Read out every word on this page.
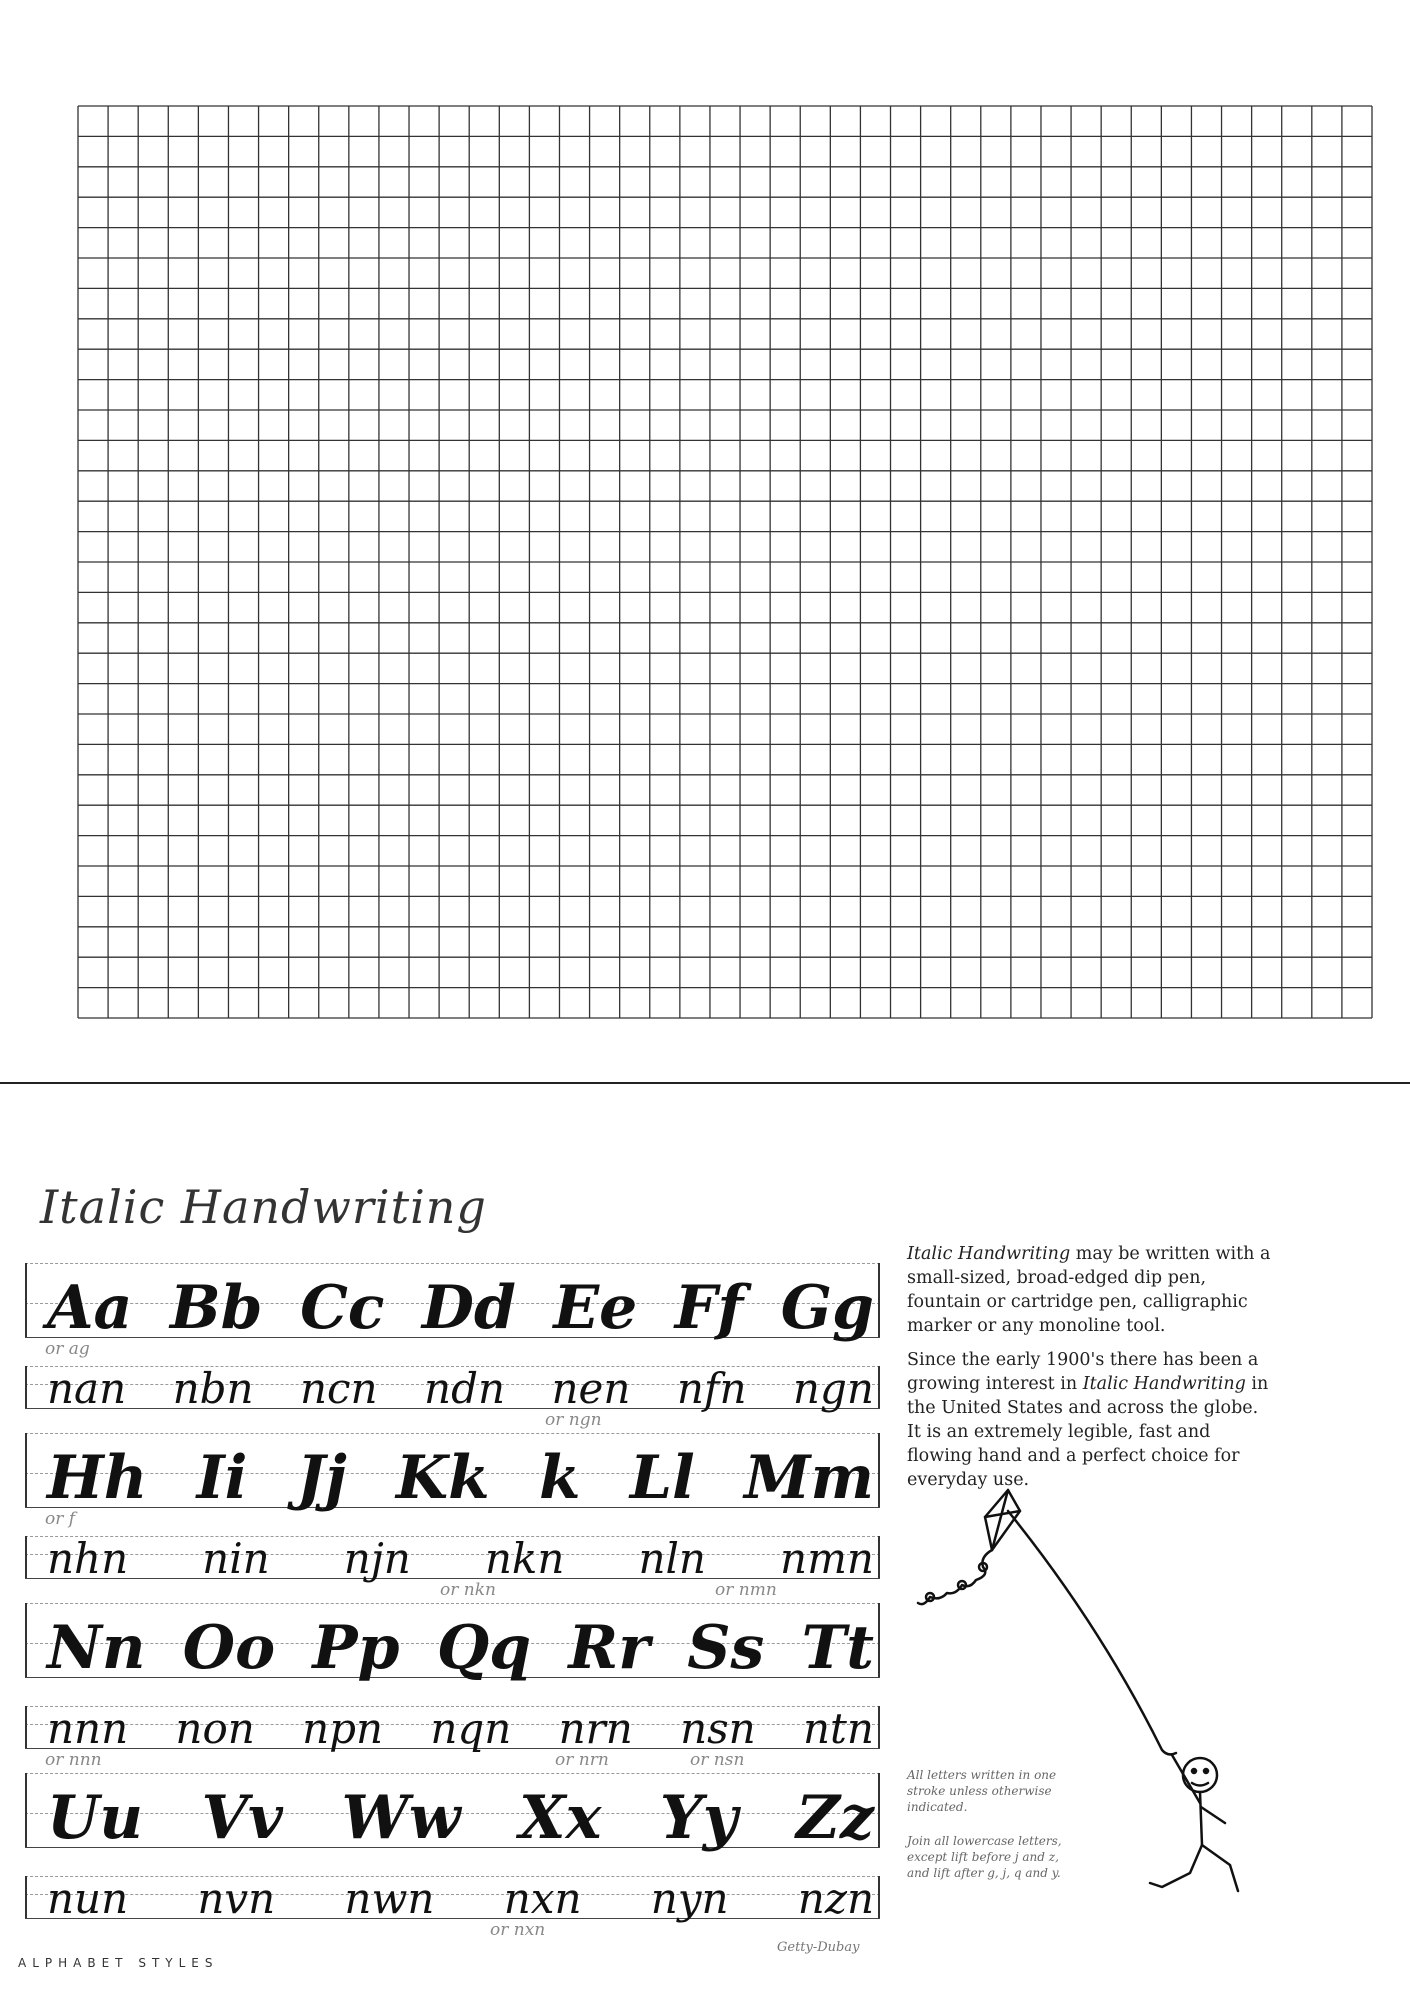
Italic Handwriting
Aa Bb Cc Dd Ee Ff Gg
or ag
nan nbn ncn ndn nen nfn ngn
or ngn
Hh Ii Jj Kk k Ll Mm
or f
nhn nin njn nkn nln nmn
or nkn	or nmn
Nn Oo Pp Qq Rr Ss Tt
nnn non npn nqn nrn nsn ntn
or nnn	or nrn	or nsn
Uu Vv Ww Xx Yy Zz
nun nvn nwn nxn nyn nzn
or nxn

Italic Handwriting may be written with a small-sized, broad-edged dip pen, fountain or cartridge pen, calligraphic marker or any monoline tool.

Since the early 1900's there has been a growing interest in Italic Handwriting in the United States and across the globe. It is an extremely legible, fast and flowing hand and a perfect choice for everyday use.

All letters written in one stroke unless otherwise indicated.

Join all lowercase letters, except lift before j and z, and lift after g, j, q and y.

Getty-Dubay
ALPHABET STYLES
